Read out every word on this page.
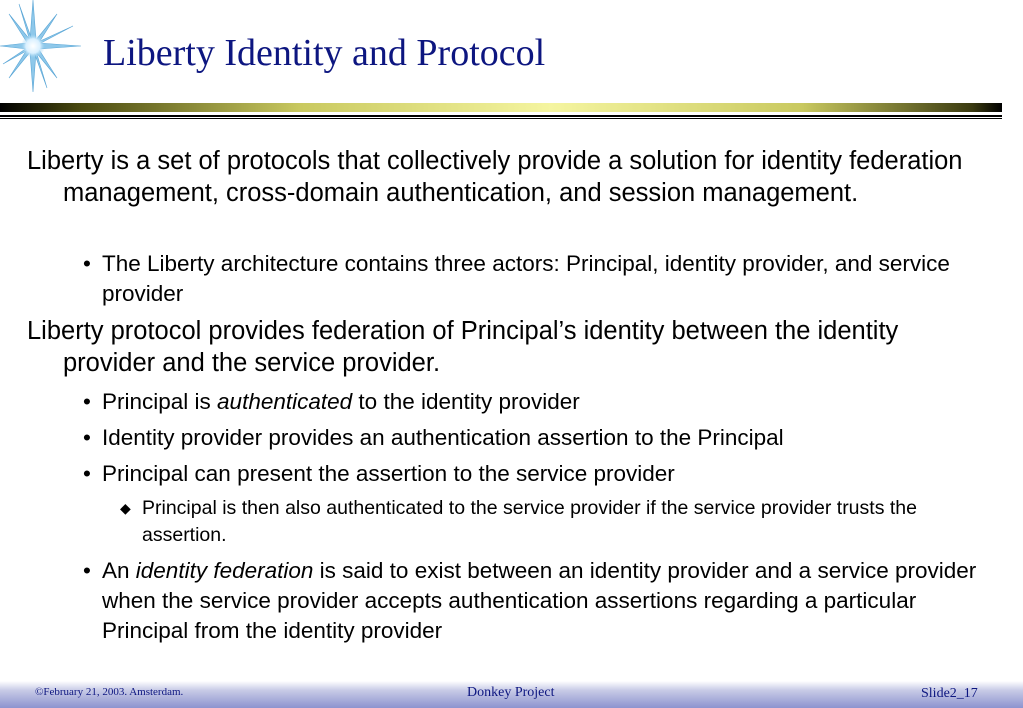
Liberty Identity and Protocol
Liberty is a set of protocols that collectively provide a solution for identity federation management, cross-domain authentication, and session management.
• The Liberty architecture contains three actors: Principal, identity provider, and service provider
Liberty protocol provides federation of Principal’s identity between the identity provider and the service provider.
• Principal is authenticated to the identity provider
• Identity provider provides an authentication assertion to the Principal
• Principal can present the assertion to the service provider
◆ Principal is then also authenticated to the service provider if the service provider trusts the assertion.
• An identity federation is said to exist between an identity provider and a service provider when the service provider accepts authentication assertions regarding a particular Principal from the identity provider
©February 21, 2003. Amsterdam.	Donkey Project	Slide2_17
